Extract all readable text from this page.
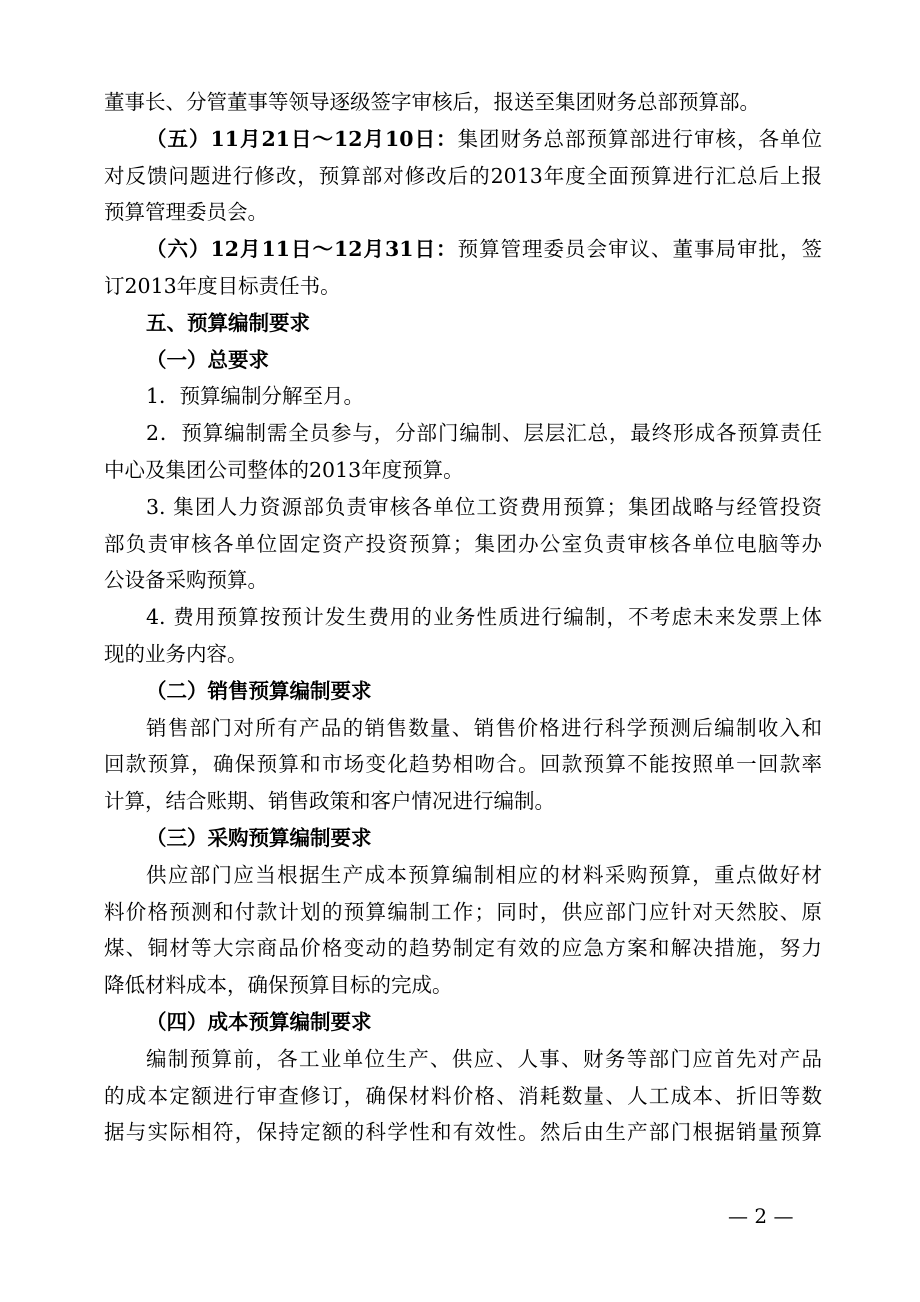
董事长、分管董事等领导逐级签字审核后，报送至集团财务总部预算部。
（五）11月21日～12月10日：集团财务总部预算部进行审核，各单位
对反馈问题进行修改，预算部对修改后的2013年度全面预算进行汇总后上报
预算管理委员会。
（六）12月11日～12月31日：预算管理委员会审议、董事局审批，签
订2013年度目标责任书。
五、预算编制要求
（一）总要求
1．预算编制分解至月。
2．预算编制需全员参与，分部门编制、层层汇总，最终形成各预算责任
中心及集团公司整体的2013年度预算。
3. 集团人力资源部负责审核各单位工资费用预算；集团战略与经管投资
部负责审核各单位固定资产投资预算；集团办公室负责审核各单位电脑等办
公设备采购预算。
4. 费用预算按预计发生费用的业务性质进行编制，不考虑未来发票上体
现的业务内容。
（二）销售预算编制要求
销售部门对所有产品的销售数量、销售价格进行科学预测后编制收入和
回款预算，确保预算和市场变化趋势相吻合。回款预算不能按照单一回款率
计算，结合账期、销售政策和客户情况进行编制。
（三）采购预算编制要求
供应部门应当根据生产成本预算编制相应的材料采购预算，重点做好材
料价格预测和付款计划的预算编制工作；同时，供应部门应针对天然胶、原
煤、铜材等大宗商品价格变动的趋势制定有效的应急方案和解决措施，努力
降低材料成本，确保预算目标的完成。
（四）成本预算编制要求
编制预算前，各工业单位生产、供应、人事、财务等部门应首先对产品
的成本定额进行审查修订，确保材料价格、消耗数量、人工成本、折旧等数
据与实际相符，保持定额的科学性和有效性。然后由生产部门根据销量预算
— 2 —
